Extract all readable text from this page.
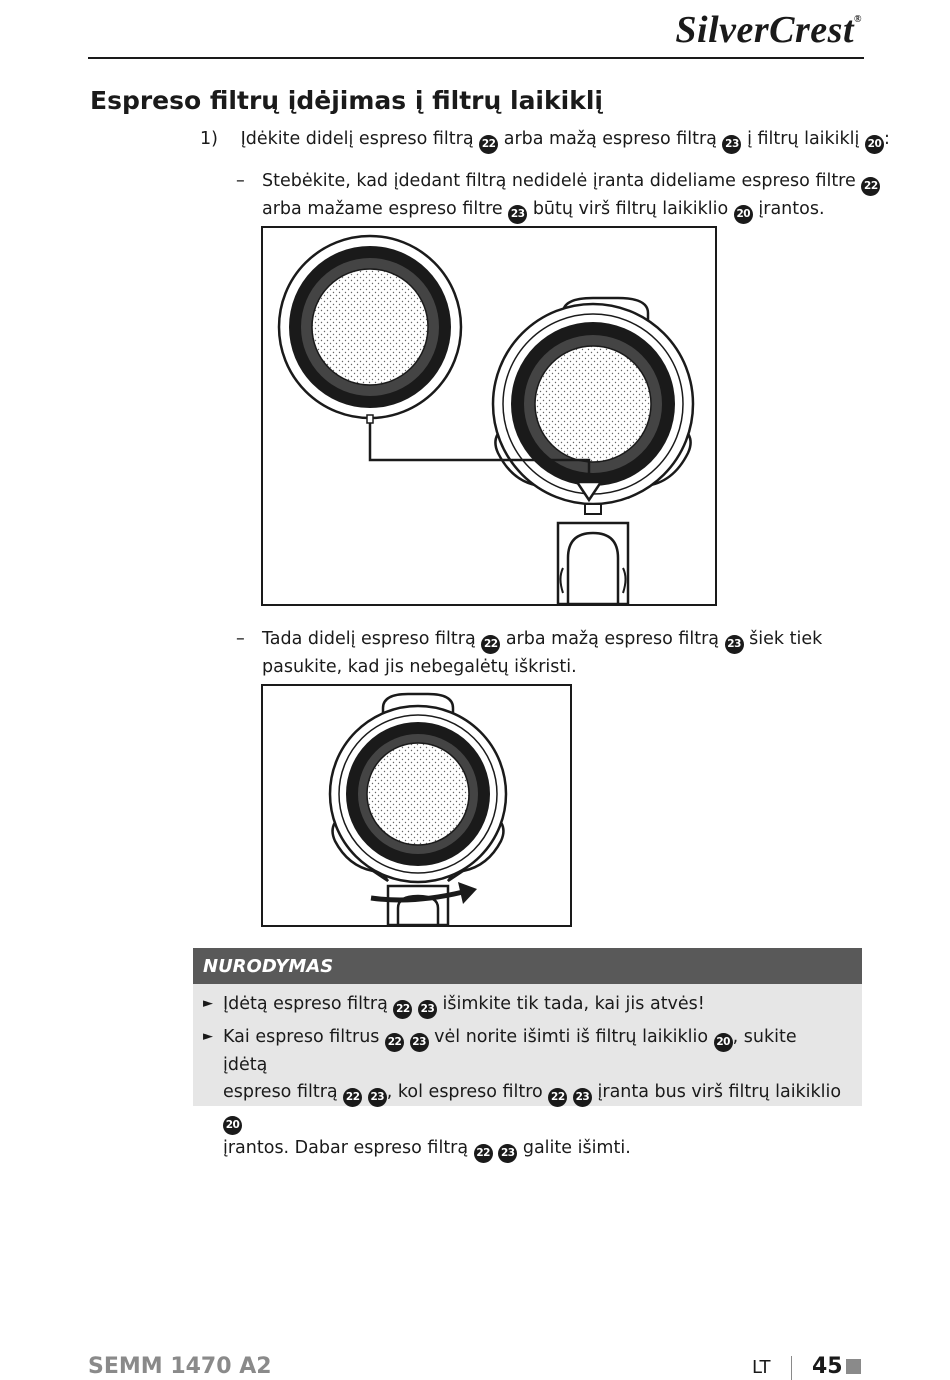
SilverCrest®
Espreso filtrų įdėjimas į filtrų laikiklį
1) Įdėkite didelį espreso filtrą 22 arba mažą espreso filtrą 23 į filtrų laikiklį 20 :
– Stebėkite, kad įdedant filtrą nedidelė įranta dideliame espreso filtre 22
arba mažame espreso filtre 23 būtų virš filtrų laikiklio 20 įrantos.
– Tada didelį espreso filtrą 22 arba mažą espreso filtrą 23 šiek tiek
pasukite, kad jis nebegalėtų iškristi.
NURODYMAS
► Įdėtą espreso filtrą 22 23 išimkite tik tada, kai jis atvės!
► Kai espreso filtrus 22 23 vėl norite išimti iš filtrų laikiklio 20 , sukite įdėtą
espreso filtrą 22 23 , kol espreso filtro 22 23 įranta bus virš filtrų laikiklio 20
įrantos. Dabar espreso filtrą 22 23 galite išimti.
SEMM 1470 A2	LT 45
